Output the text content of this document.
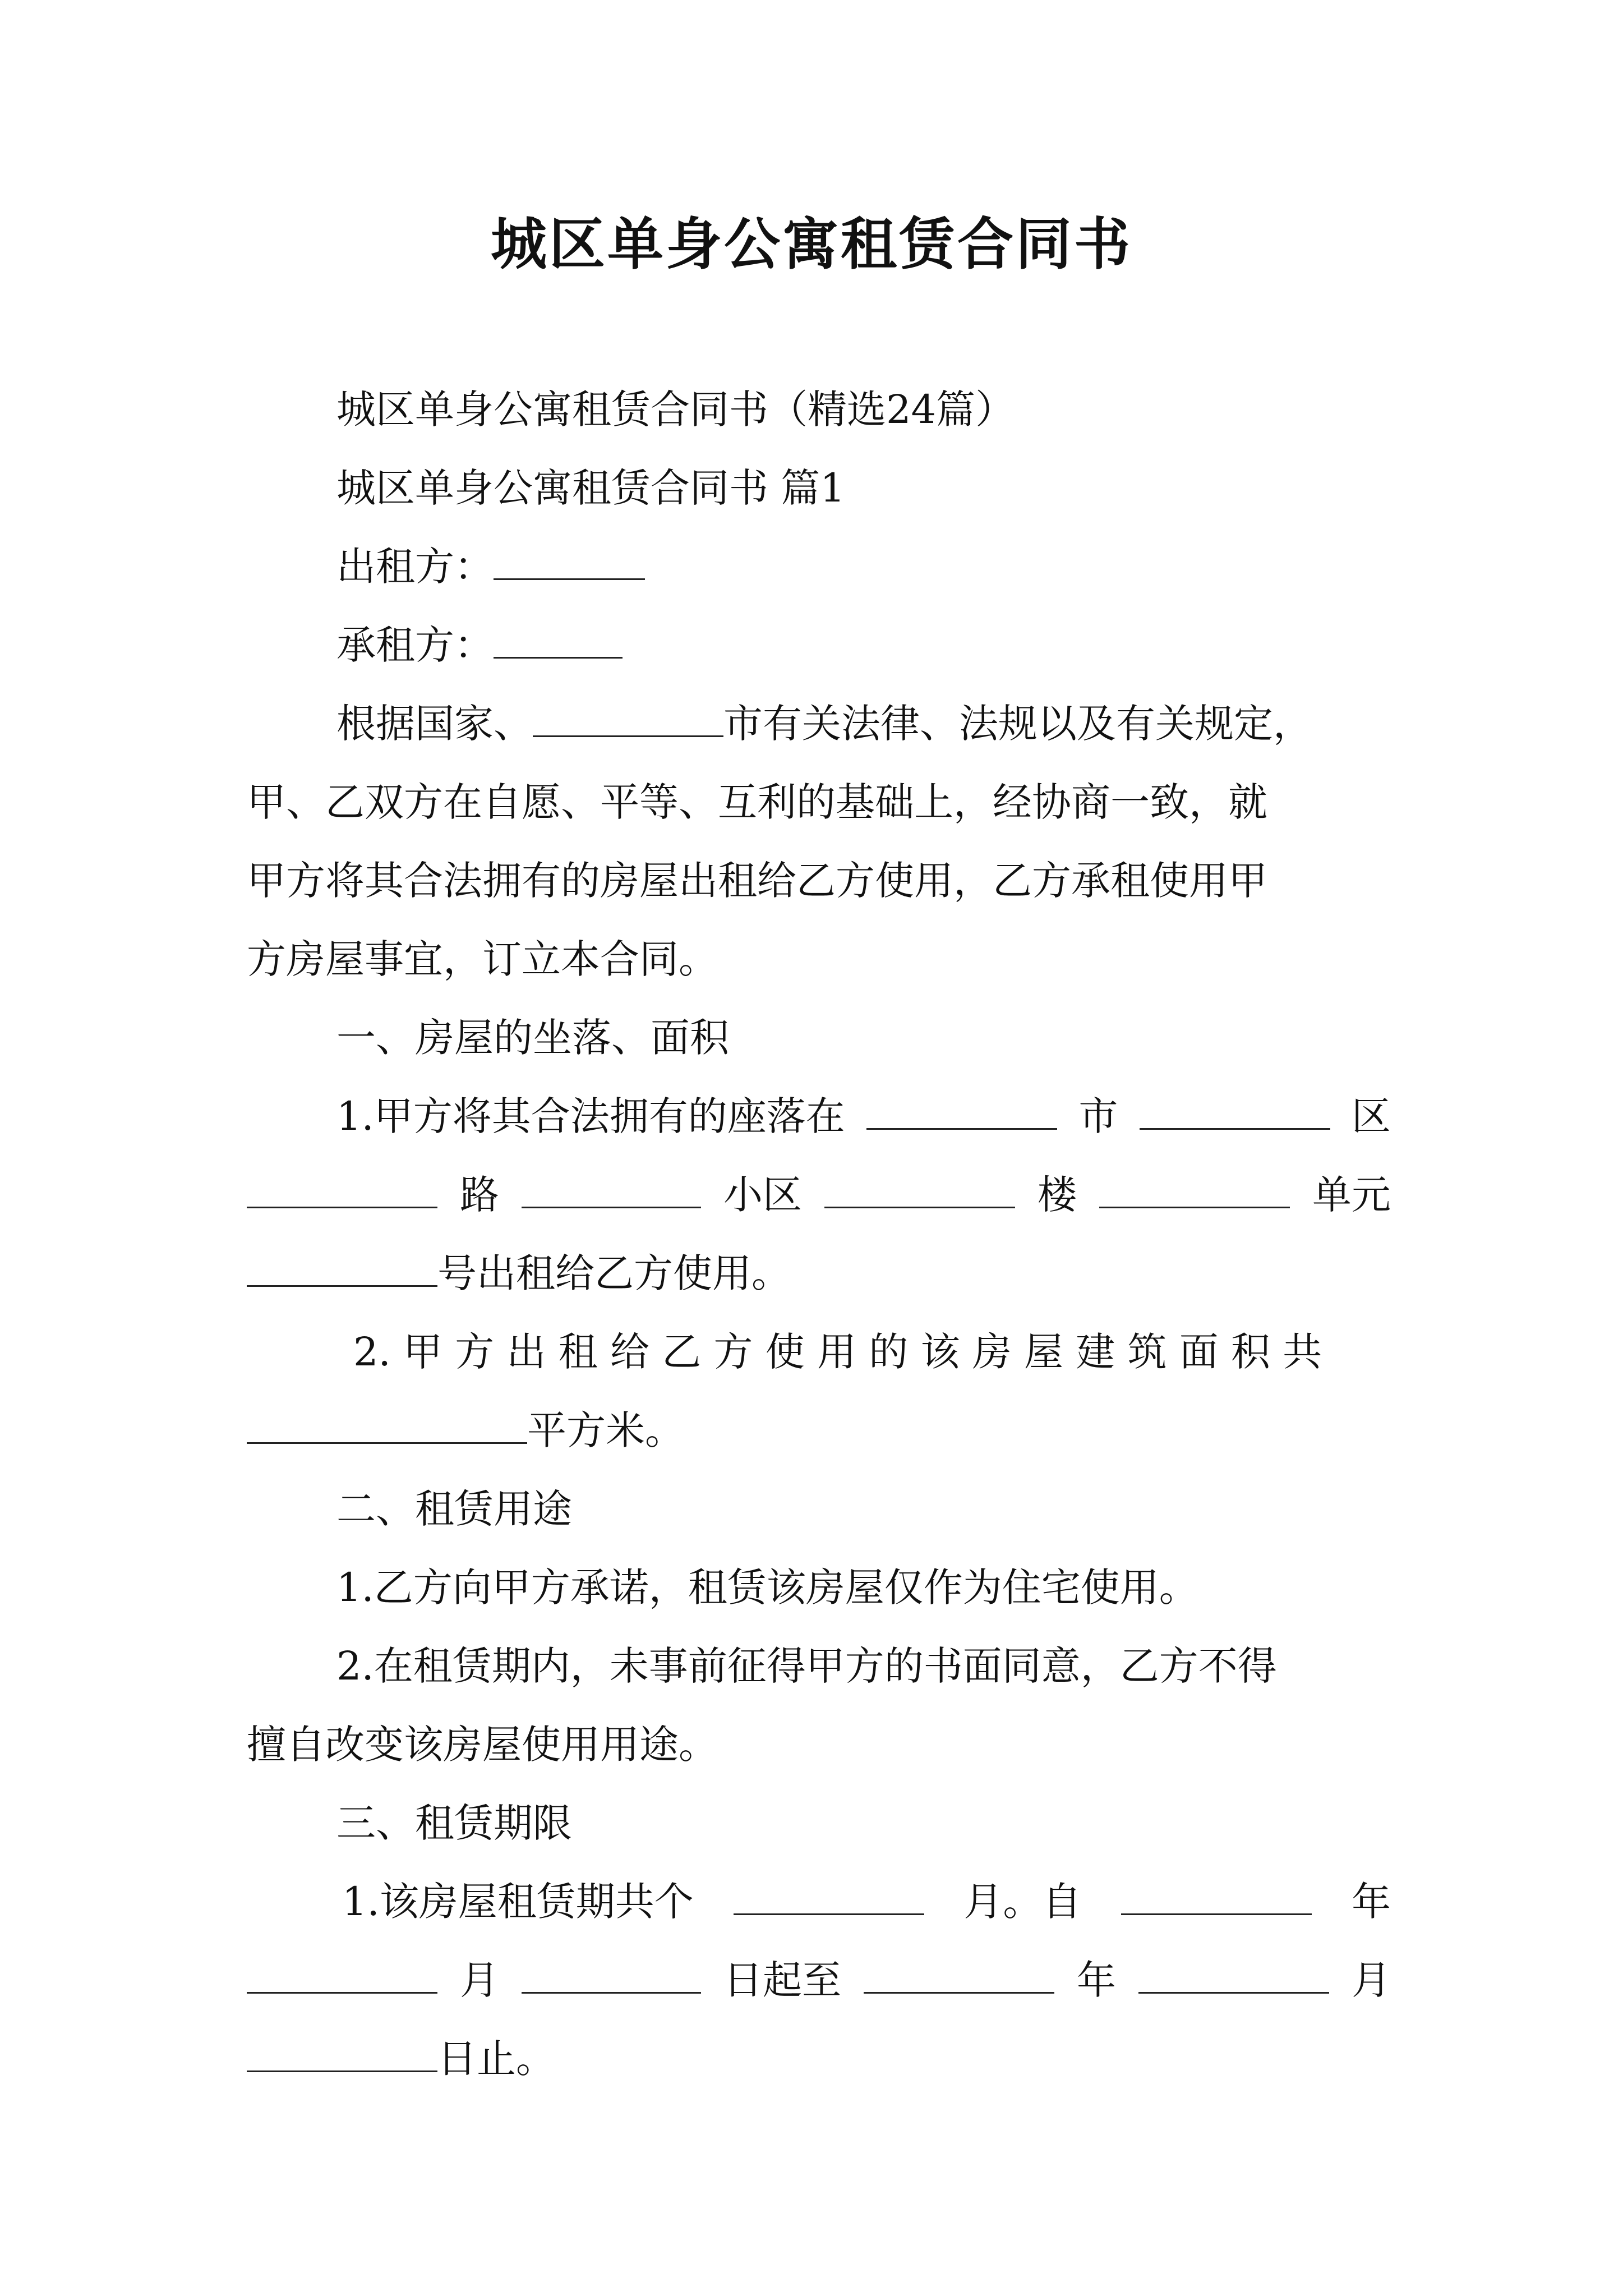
城区单身公寓租赁合同书
城区单身公寓租赁合同书（精选24篇）
城区单身公寓租赁合同书 篇1
出租方：
承租方：
根据国家、	市有关法律、法规以及有关规定，
甲、乙双方在自愿、平等、互利的基础上，经协商一致，就
甲方将其合法拥有的房屋出租给乙方使用，乙方承租使用甲
方房屋事宜，订立本合同。
一、房屋的坐落、面积
1.甲方将其合法拥有的座落在	市	区
路	小区	楼	单元
号出租给乙方使用。
2. 甲 方 出 租 给 乙 方 使 用 的 该 房 屋 建 筑 面 积 共
平方米。
二、租赁用途
1.乙方向甲方承诺，租赁该房屋仅作为住宅使用。
2.在租赁期内，未事前征得甲方的书面同意，乙方不得
擅自改变该房屋使用用途。
三、租赁期限
1.该房屋租赁期共个	月。自	年
月	日起至	年	月
日止。
